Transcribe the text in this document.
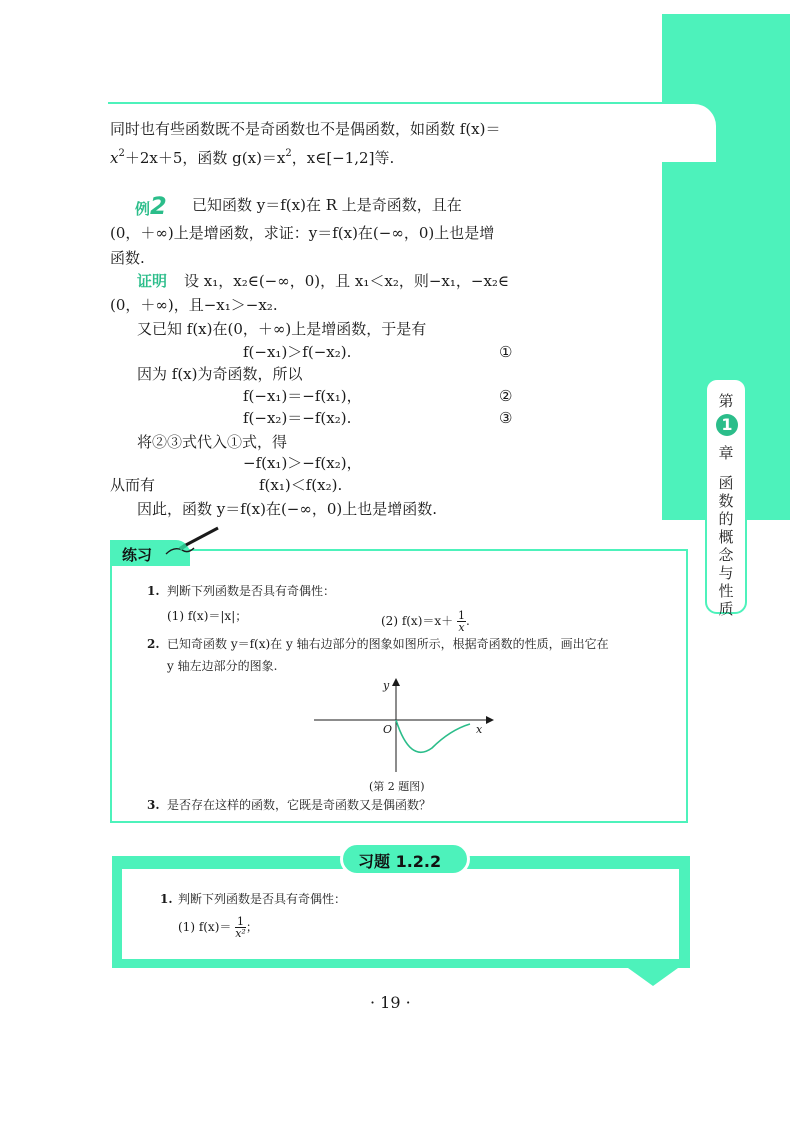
同时也有些函数既不是奇函数也不是偶函数，如函数 f(x)＝
$x^2+2x+5$，函数 $g(x)=x^2$，x∈[−1,2]等.
例2 已知函数 y＝f(x)在 R 上是奇函数，且在
(0，＋∞)上是增函数，求证：y＝f(x)在(−∞，0)上也是增
函数.
证明 设 x₁，x₂∈(−∞，0)，且 x₁＜x₂，则−x₁，−x₂∈
(0，＋∞)，且−x₁＞−x₂.
又已知 f(x)在(0，＋∞)上是增函数，于是有
f(−x₁)＞f(−x₂).	①
因为 f(x)为奇函数，所以
f(−x₁)＝−f(x₁)，	②
f(−x₂)＝−f(x₂).	③
将②③式代入①式，得
−f(x₁)＞−f(x₂)，
从而有	f(x₁)＜f(x₂).
因此，函数 y＝f(x)在(−∞，0)上也是增函数.
第
1
章
函
数
的
概
念
与
性
质
练习
1. 判断下列函数是否具有奇偶性：
(1) f(x)＝|x|；	(2) $f(x)=x+ \frac{1}{x}$ .
2. 已知奇函数 y＝f(x)在 y 轴右边部分的图象如图所示，根据奇函数的性质，画出它在
y 轴左边部分的图象.
y
x
O
(第 2 题图)
3. 是否存在这样的函数，它既是奇函数又是偶函数？
习题 1.2.2
1. 判断下列函数是否具有奇偶性：
(1) $f(x)= \frac{1}{\text{x²}}$ ；
· 19 ·
